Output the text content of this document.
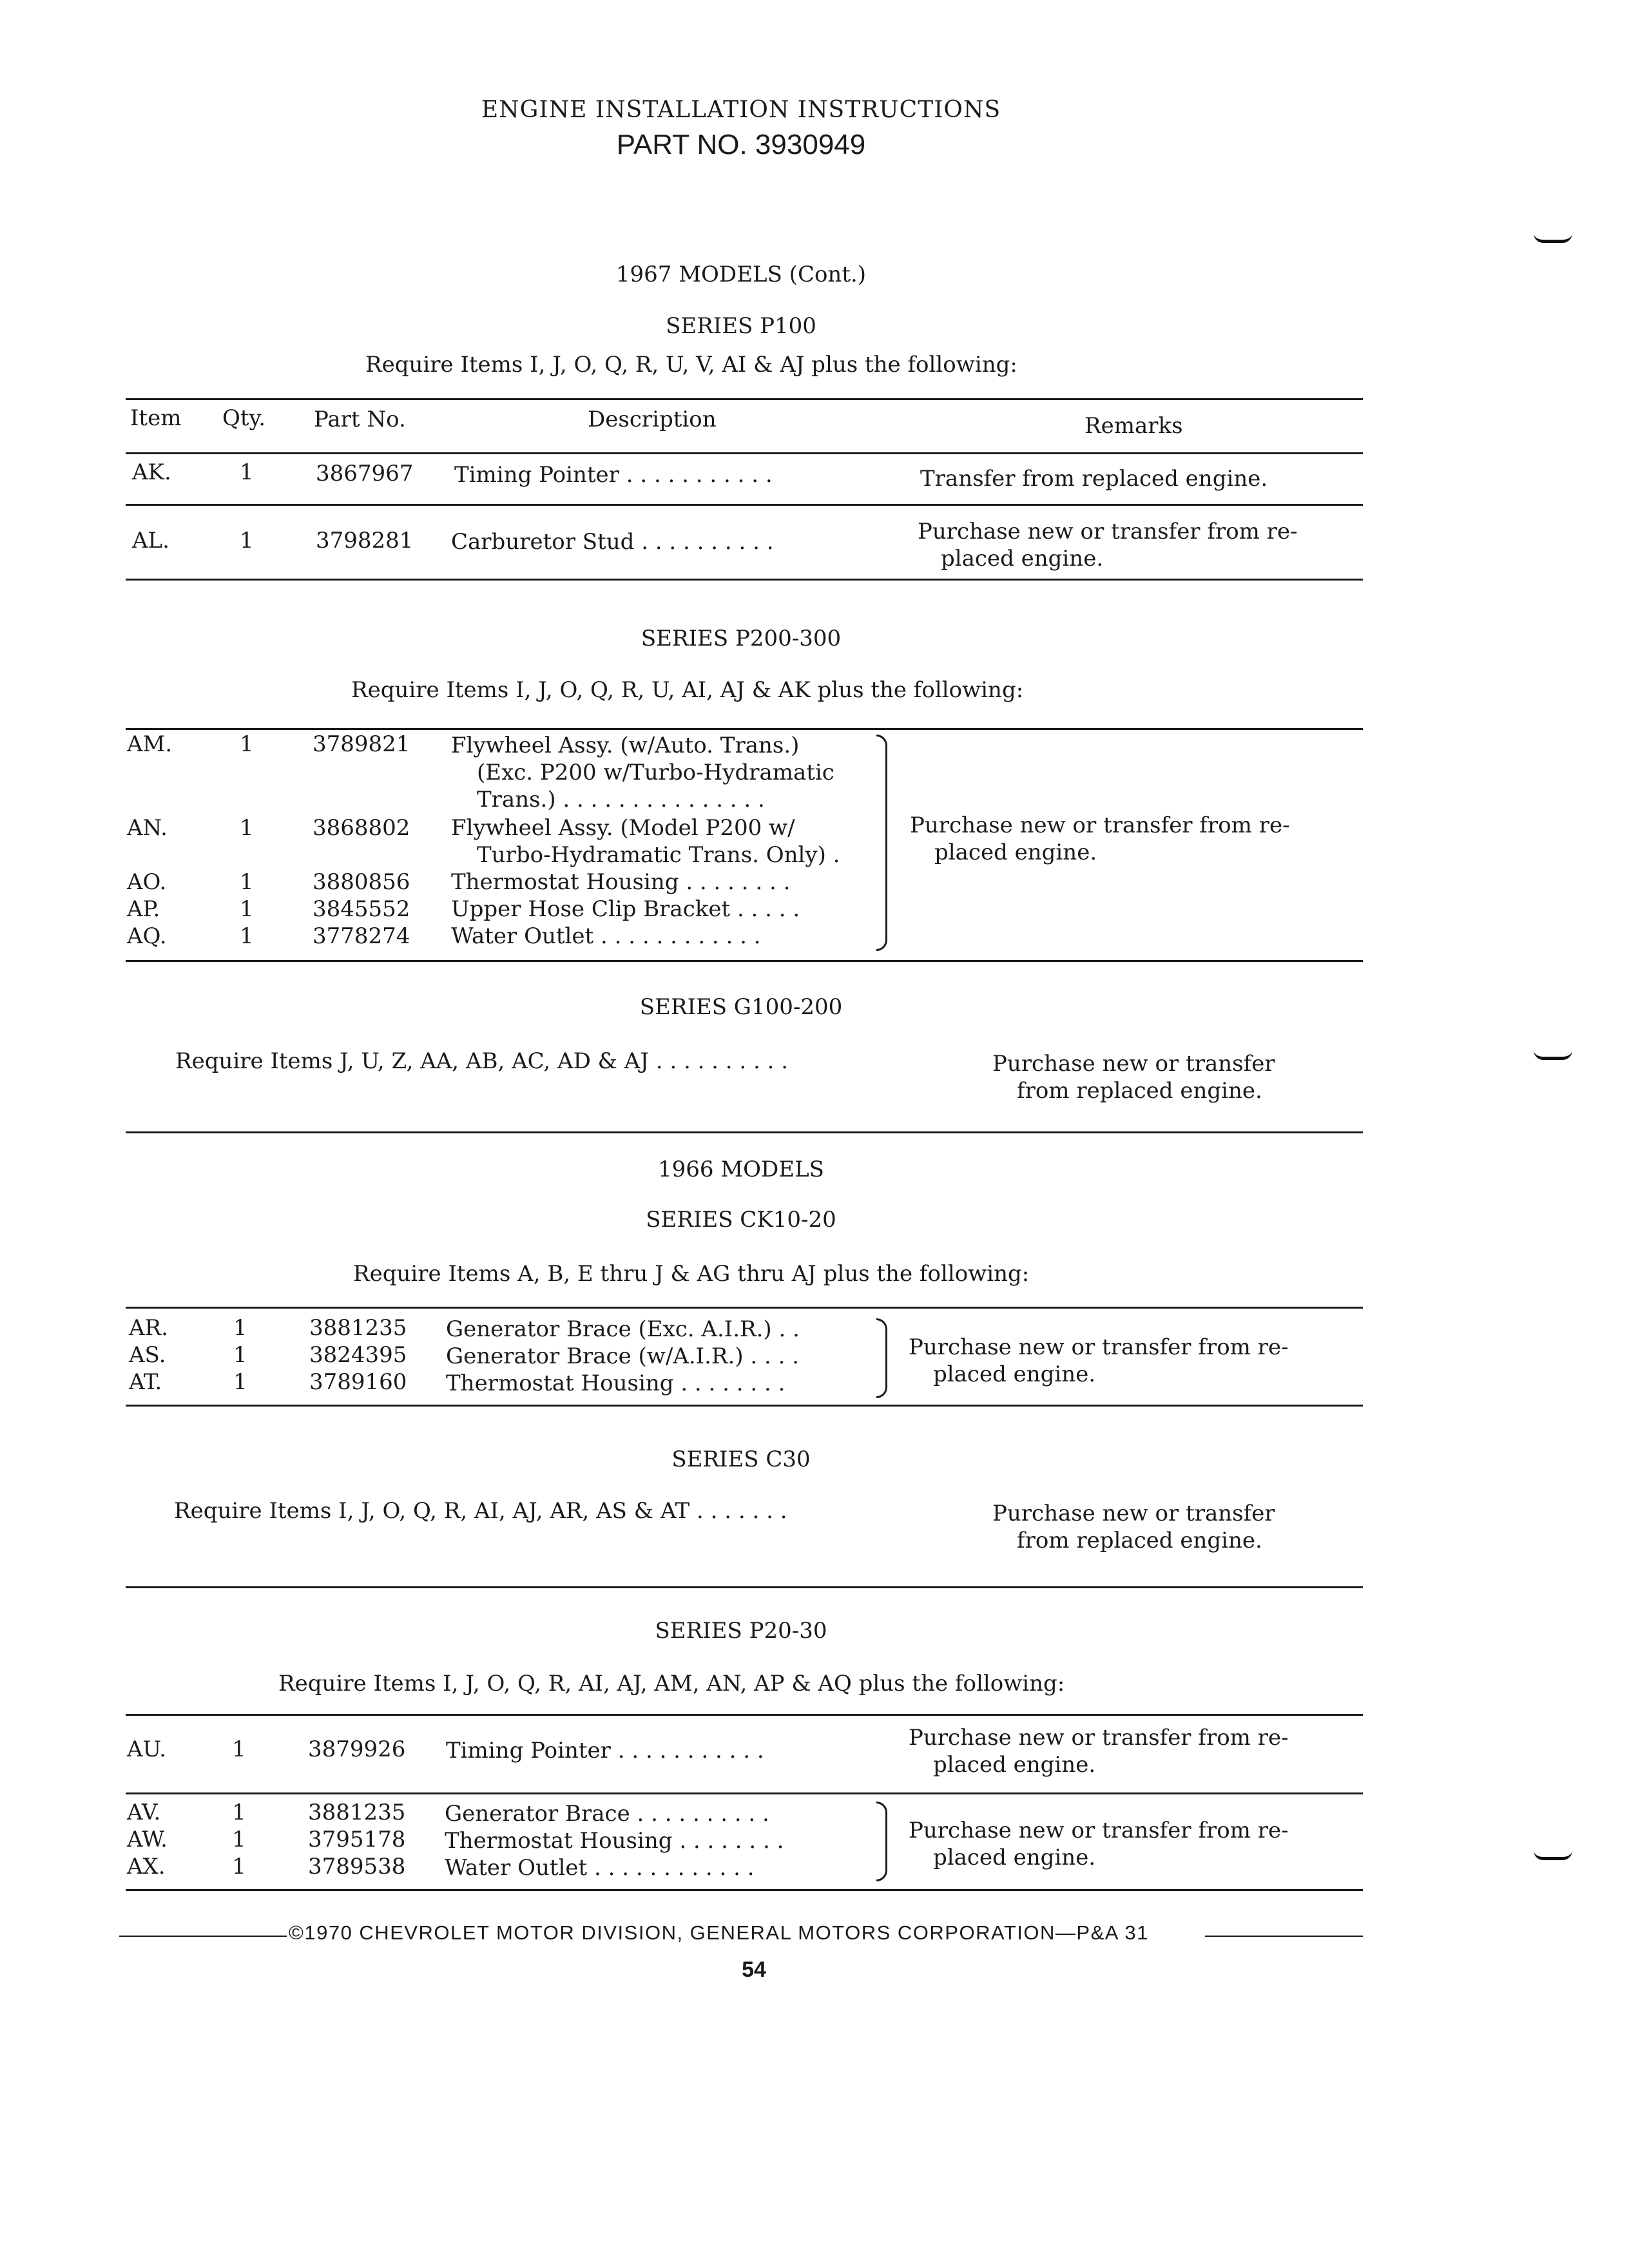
ENGINE INSTALLATION INSTRUCTIONS
PART NO. 3930949
1967 MODELS (Cont.)
SERIES P100
Require Items I, J, O, Q, R, U, V, AI & AJ plus the following:
Item Qty. Part No.	Description	Remarks
AK.	1	3867967 Timing Pointer . . . . . . . . . . .	Transfer from replaced engine.
AL.	1	3798281 Carburetor Stud . . . . . . . . . .	Purchase new or transfer from re-
placed engine.
SERIES P200-300
Require Items I, J, O, Q, R, U, AI, AJ & AK plus the following:
AM.	1	3789821 Flywheel Assy. (w/Auto. Trans.)
(Exc. P200 w/Turbo-Hydramatic
Trans.) . . . . . . . . . . . . . . .
AN.	1	3868802 Flywheel Assy. (Model P200 w/
Turbo-Hydramatic Trans. Only) .
AO.	1	3880856 Thermostat Housing . . . . . . . .
AP.	1	3845552 Upper Hose Clip Bracket . . . . .
AQ.	1	3778274 Water Outlet . . . . . . . . . . . .
Purchase new or transfer from re-
placed engine.
SERIES G100-200
Require Items J, U, Z, AA, AB, AC, AD & AJ . . . . . . . . . .	Purchase new or transfer
from replaced engine.
1966 MODELS
SERIES CK10-20
Require Items A, B, E thru J & AG thru AJ plus the following:
AR.	1	3881235 Generator Brace (Exc. A.I.R.) . .
AS.	1	3824395 Generator Brace (w/A.I.R.) . . . .
AT.	1	3789160 Thermostat Housing . . . . . . . .
Purchase new or transfer from re-
placed engine.
SERIES C30
Require Items I, J, O, Q, R, AI, AJ, AR, AS & AT . . . . . . .	Purchase new or transfer
from replaced engine.
SERIES P20-30
Require Items I, J, O, Q, R, AI, AJ, AM, AN, AP & AQ plus the following:
AU.	1	3879926 Timing Pointer . . . . . . . . . . .	Purchase new or transfer from re-
placed engine.
AV.	1	3881235 Generator Brace . . . . . . . . . .
AW.	1	3795178 Thermostat Housing . . . . . . . .
AX.	1	3789538 Water Outlet . . . . . . . . . . . .
Purchase new or transfer from re-
placed engine.
©1970 CHEVROLET MOTOR DIVISION, GENERAL MOTORS CORPORATION—P&A 31
54
